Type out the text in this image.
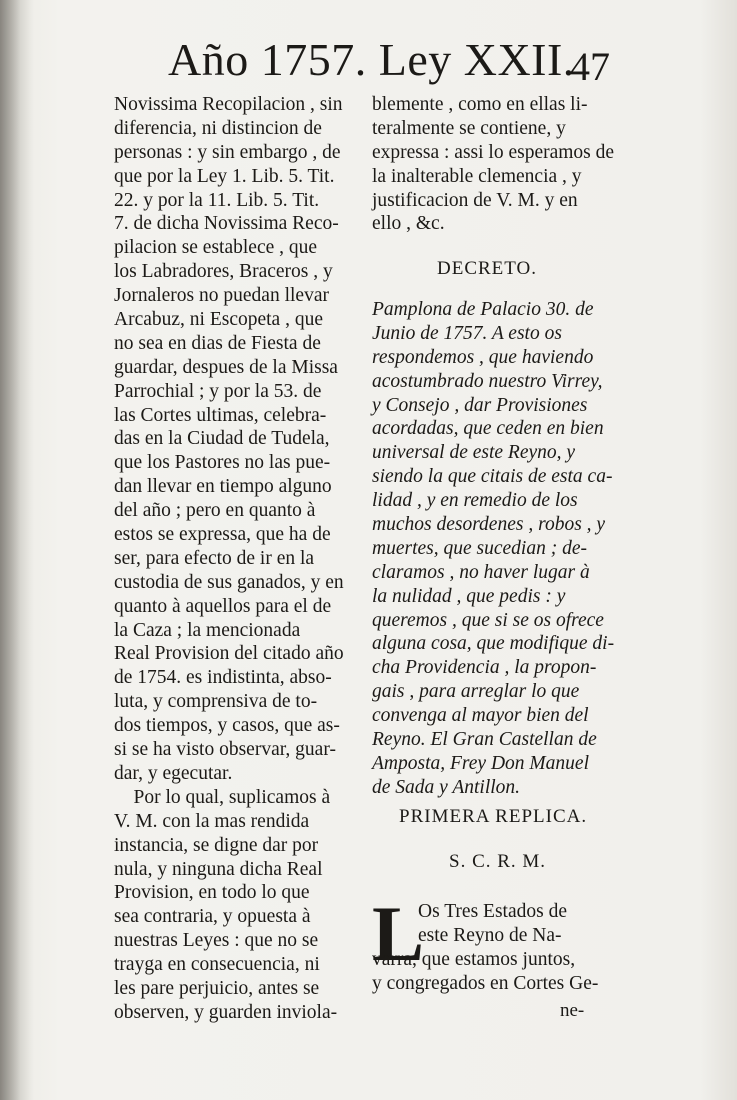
Año 1757. Ley XXII.
47
Novissima Recopilacion , sin
diferencia, ni distincion de
personas : y sin embargo , de
que por la Ley 1. Lib. 5. Tit.
22. y por la 11. Lib. 5. Tit.
7. de dicha Novissima Reco-
pilacion se establece , que
los Labradores, Braceros , y
Jornaleros no puedan llevar
Arcabuz, ni Escopeta , que
no sea en dias de Fiesta de
guardar, despues de la Missa
Parrochial ; y por la 53. de
las Cortes ultimas, celebra-
das en la Ciudad de Tudela,
que los Pastores no las pue-
dan llevar en tiempo alguno
del año ; pero en quanto à
estos se expressa, que ha de
ser, para efecto de ir en la
custodia de sus ganados, y en
quanto à aquellos para el de
la Caza ; la mencionada
Real Provision del citado año
de 1754. es indistinta, abso-
luta, y comprensiva de to-
dos tiempos, y casos, que as-
si se ha visto observar, guar-
dar, y egecutar.
Por lo qual, suplicamos à
V. M. con la mas rendida
instancia, se digne dar por
nula, y ninguna dicha Real
Provision, en todo lo que
sea contraria, y opuesta à
nuestras Leyes : que no se
trayga en consecuencia, ni
les pare perjuicio, antes se
observen, y guarden inviola-
blemente , como en ellas li-
teralmente se contiene, y
expressa : assi lo esperamos de
la inalterable clemencia , y
justificacion de V. M. y en
ello , &c.
DECRETO.
Pamplona de Palacio 30. de
Junio de 1757. A esto os
respondemos , que haviendo
acostumbrado nuestro Virrey,
y Consejo , dar Provisiones
acordadas, que ceden en bien
universal de este Reyno, y
siendo la que citais de esta ca-
lidad , y en remedio de los
muchos desordenes , robos , y
muertes, que sucedian ; de-
claramos , no haver lugar à
la nulidad , que pedis : y
queremos , que si se os ofrece
alguna cosa, que modifique di-
cha Providencia , la propon-
gais , para arreglar lo que
convenga al mayor bien del
Reyno. El Gran Castellan de
Amposta, Frey Don Manuel
de Sada y Antillon.
PRIMERA REPLICA.
S. C. R. M.
L
Os Tres Estados de
este Reyno de Na-
varra, que estamos juntos,
y congregados en Cortes Ge-
ne-
